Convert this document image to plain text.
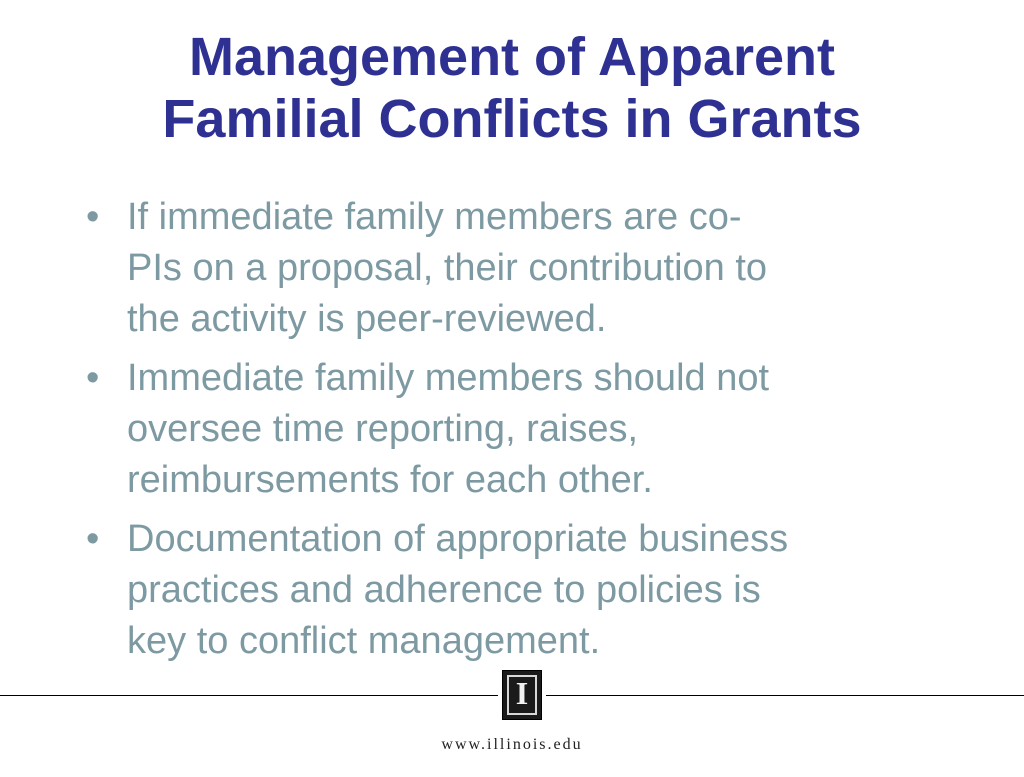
Management of Apparent
Familial Conflicts in Grants
• If immediate family members are co-
PIs on a proposal, their contribution to
the activity is peer-reviewed.
• Immediate family members should not
oversee time reporting, raises,
reimbursements for each other.
• Documentation of appropriate business
practices and adherence to policies is
key to conflict management.
I
www.illinois.edu
